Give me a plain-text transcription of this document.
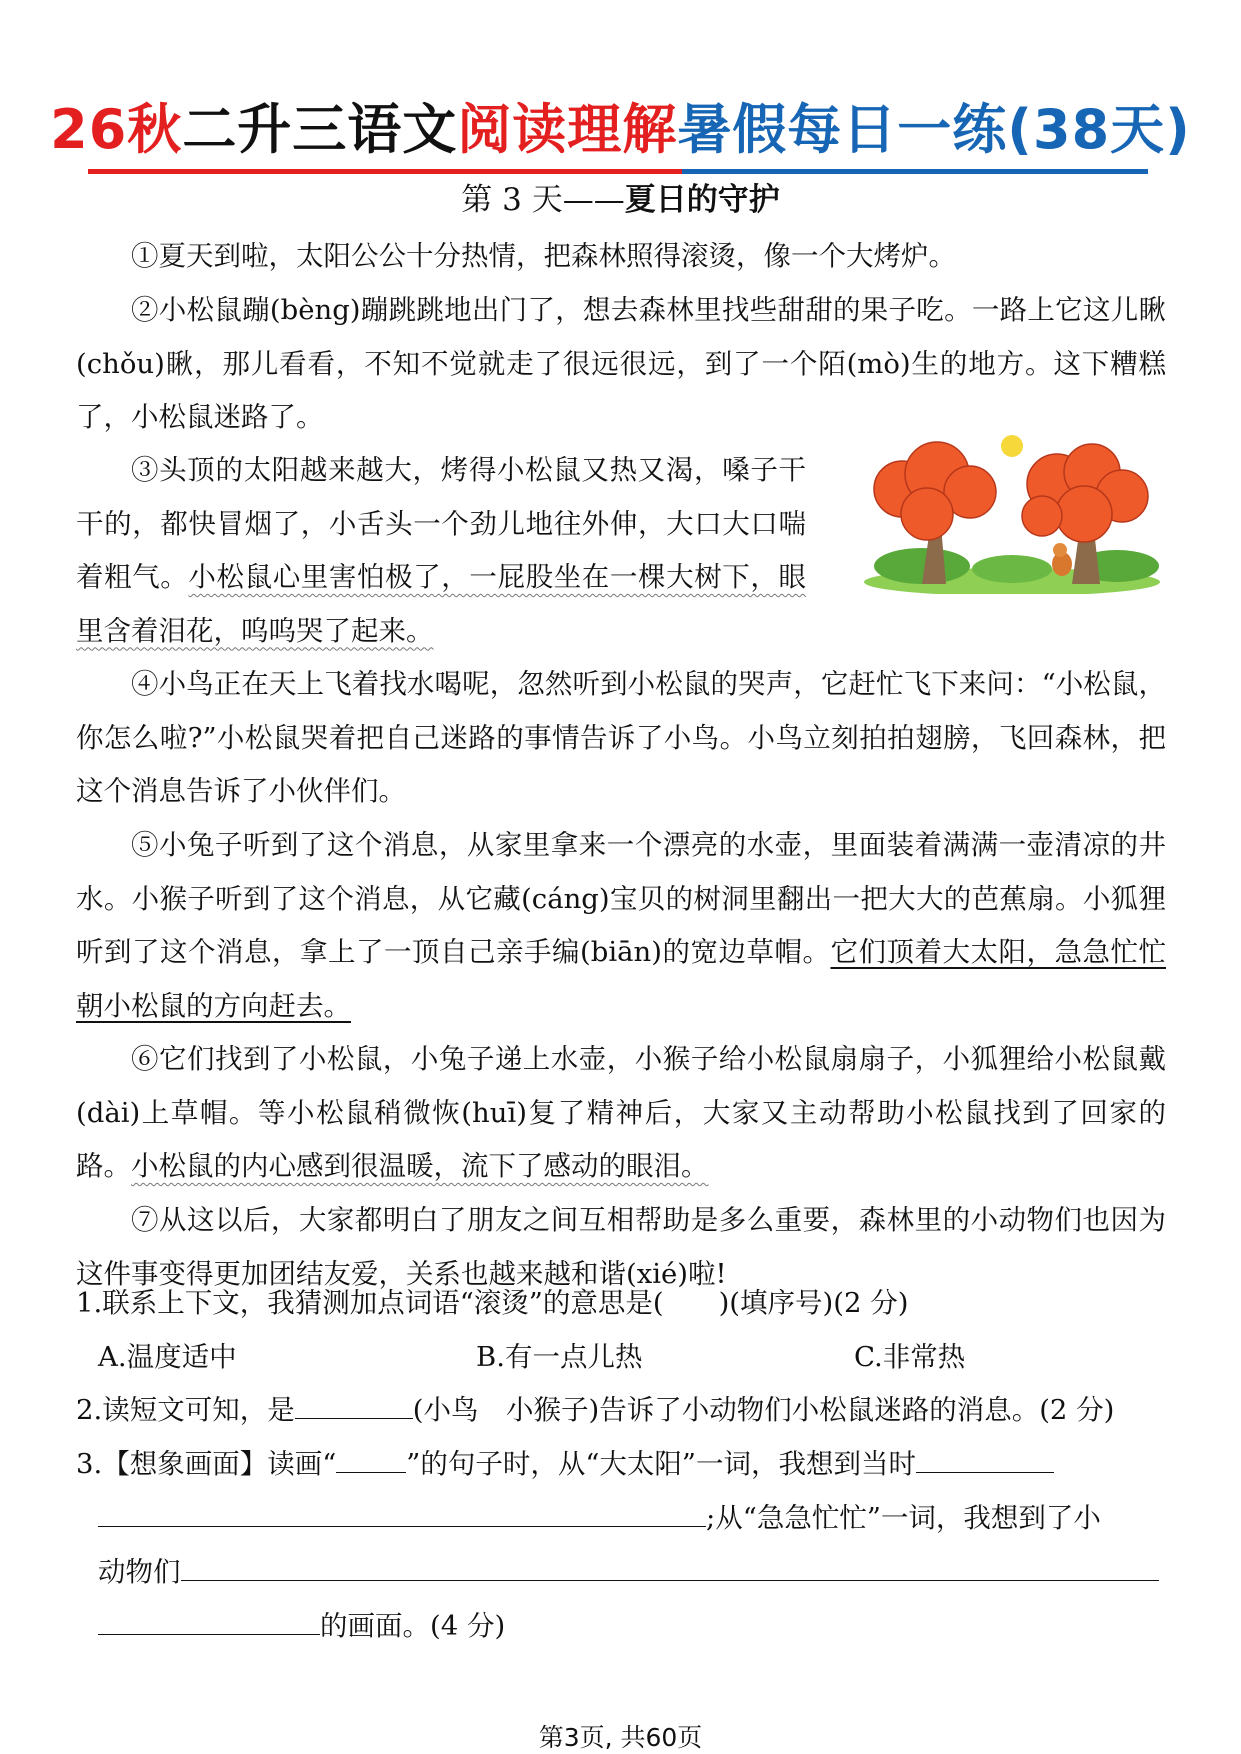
26秋二升三语文阅读理解暑假每日一练(38天)
第 3 天——夏日的守护

①夏天到啦，太阳公公十分热情，把森林照得滚烫，像一个大烤炉。

②小松鼠蹦(bèng)蹦跳跳地出门了，想去森林里找些甜甜的果子吃。一路上它这儿瞅(chǒu)瞅，那儿看看，不知不觉就走了很远很远，到了一个陌(mò)生的地方。这下糟糕了，小松鼠迷路了。

③头顶的太阳越来越大，烤得小松鼠又热又渴，嗓子干干的，都快冒烟了，小舌头一个劲儿地往外伸，大口大口喘着粗气。小松鼠心里害怕极了，一屁股坐在一棵大树下，眼里含着泪花，呜呜哭了起来。

④小鸟正在天上飞着找水喝呢，忽然听到小松鼠的哭声，它赶忙飞下来问：“小松鼠，你怎么啦?”小松鼠哭着把自己迷路的事情告诉了小鸟。小鸟立刻拍拍翅膀，飞回森林，把这个消息告诉了小伙伴们。

⑤小兔子听到了这个消息，从家里拿来一个漂亮的水壶，里面装着满满一壶清凉的井水。小猴子听到了这个消息，从它藏(cáng)宝贝的树洞里翻出一把大大的芭蕉扇。小狐狸听到了这个消息，拿上了一顶自己亲手编(biān)的宽边草帽。它们顶着大太阳，急急忙忙朝小松鼠的方向赶去。

⑥它们找到了小松鼠，小兔子递上水壶，小猴子给小松鼠扇扇子，小狐狸给小松鼠戴(dài)上草帽。等小松鼠稍微恢(huī)复了精神后，大家又主动帮助小松鼠找到了回家的路。小松鼠的内心感到很温暖，流下了感动的眼泪。

⑦从这以后，大家都明白了朋友之间互相帮助是多么重要，森林里的小动物们也因为这件事变得更加团结友爱，关系也越来越和谐(xié)啦!

1.联系上下文，我猜测加点词语“滚烫”的意思是(　　)(填序号)(2 分)

A.温度适中	B.有一点儿热	C.非常热

2.读短文可知，是	(小鸟　小猴子)告诉了小动物们小松鼠迷路的消息。(2 分)

3.【想象画面】读画“	”的句子时，从“大太阳”一词，我想到当时

;从“急急忙忙”一词，我想到了小

动物们

的画面。(4 分)

第3页, 共60页
